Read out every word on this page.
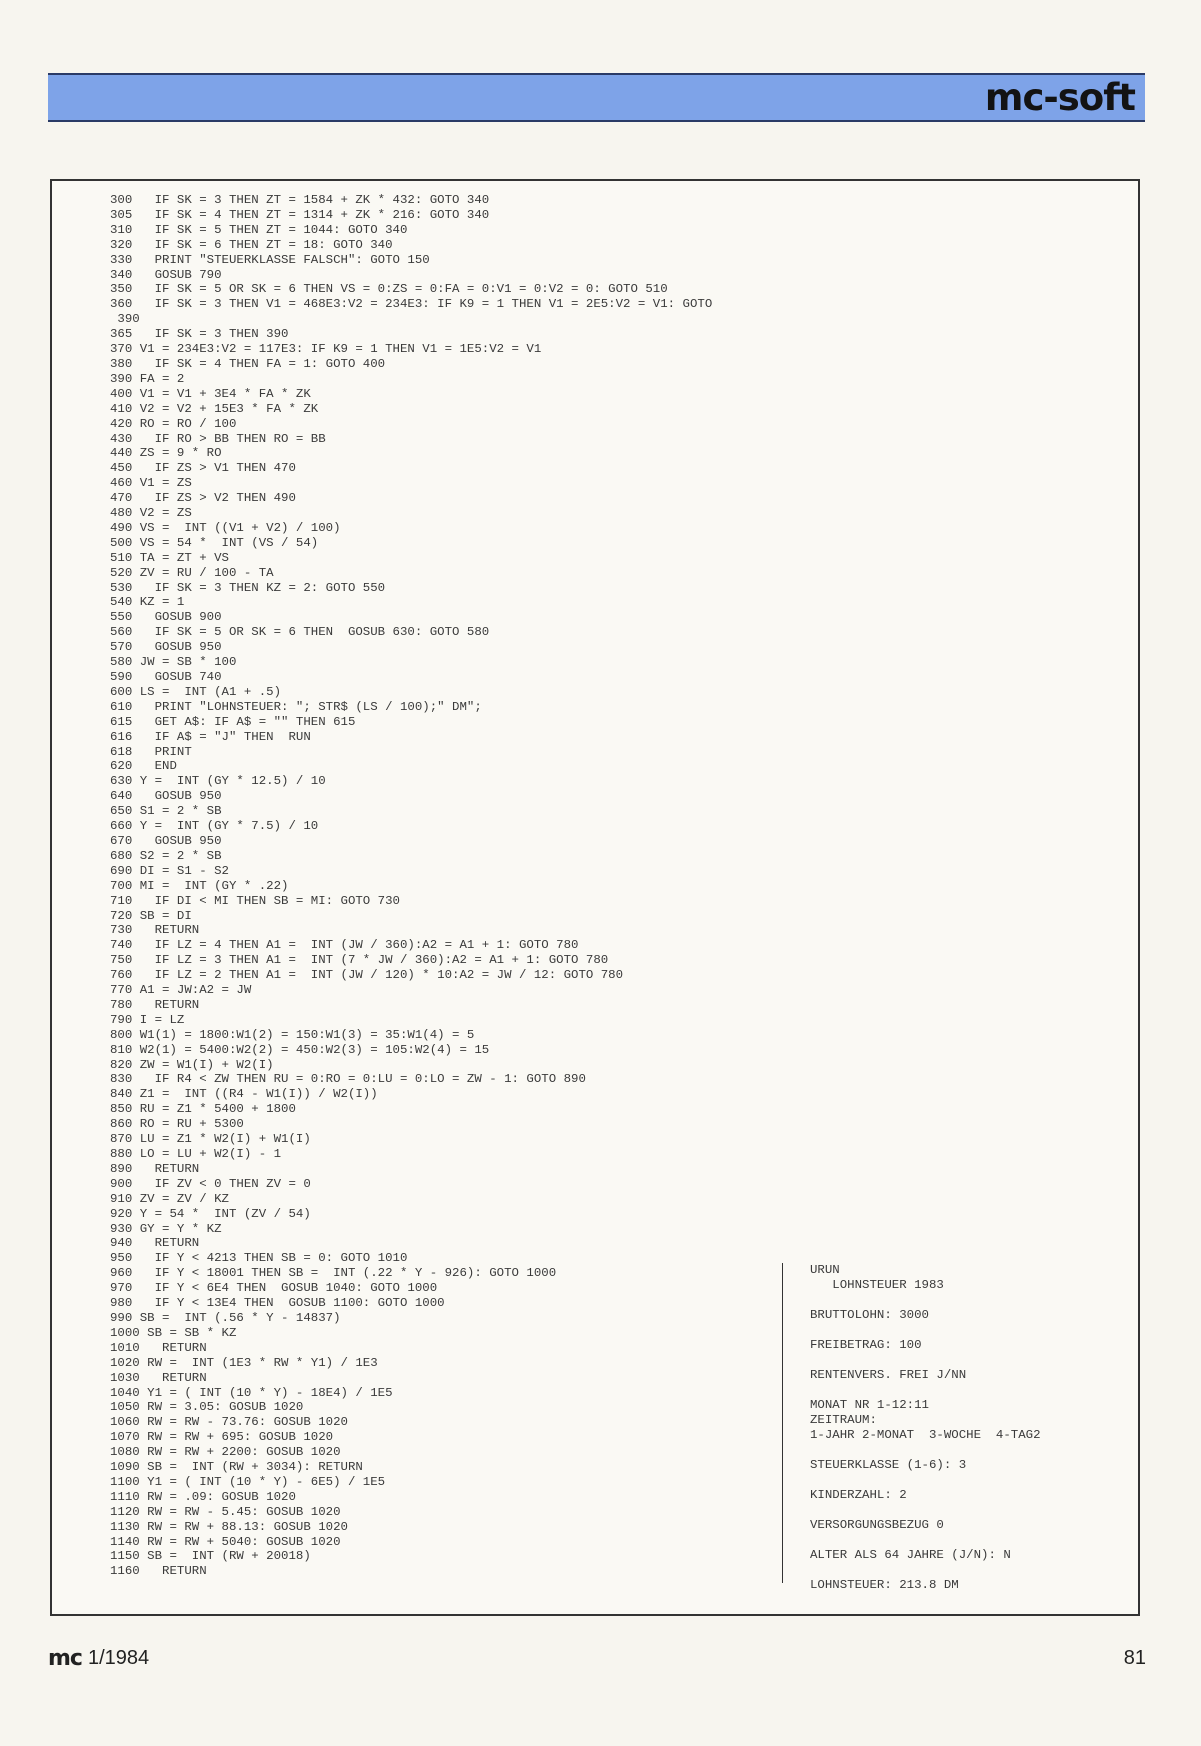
mc-soft
300   IF SK = 3 THEN ZT = 1584 + ZK * 432: GOTO 340
305   IF SK = 4 THEN ZT = 1314 + ZK * 216: GOTO 340
310   IF SK = 5 THEN ZT = 1044: GOTO 340
320   IF SK = 6 THEN ZT = 18: GOTO 340
330   PRINT "STEUERKLASSE FALSCH": GOTO 150
340   GOSUB 790
350   IF SK = 5 OR SK = 6 THEN VS = 0:ZS = 0:FA = 0:V1 = 0:V2 = 0: GOTO 510
360   IF SK = 3 THEN V1 = 468E3:V2 = 234E3: IF K9 = 1 THEN V1 = 2E5:V2 = V1: GOTO
390
365   IF SK = 3 THEN 390
370 V1 = 234E3:V2 = 117E3: IF K9 = 1 THEN V1 = 1E5:V2 = V1
380   IF SK = 4 THEN FA = 1: GOTO 400
390 FA = 2
400 V1 = V1 + 3E4 * FA * ZK
410 V2 = V2 + 15E3 * FA * ZK
420 RO = RO / 100
430   IF RO > BB THEN RO = BB
440 ZS = 9 * RO
450   IF ZS > V1 THEN 470
460 V1 = ZS
470   IF ZS > V2 THEN 490
480 V2 = ZS
490 VS =  INT ((V1 + V2) / 100)
500 VS = 54 *  INT (VS / 54)
510 TA = ZT + VS
520 ZV = RU / 100 - TA
530   IF SK = 3 THEN KZ = 2: GOTO 550
540 KZ = 1
550   GOSUB 900
560   IF SK = 5 OR SK = 6 THEN  GOSUB 630: GOTO 580
570   GOSUB 950
580 JW = SB * 100
590   GOSUB 740
600 LS =  INT (A1 + .5)
610   PRINT "LOHNSTEUER: "; STR$ (LS / 100);" DM";
615   GET A$: IF A$ = "" THEN 615
616   IF A$ = "J" THEN  RUN
618   PRINT
620   END
630 Y =  INT (GY * 12.5) / 10
640   GOSUB 950
650 S1 = 2 * SB
660 Y =  INT (GY * 7.5) / 10
670   GOSUB 950
680 S2 = 2 * SB
690 DI = S1 - S2
700 MI =  INT (GY * .22)
710   IF DI < MI THEN SB = MI: GOTO 730
720 SB = DI
730   RETURN
740   IF LZ = 4 THEN A1 =  INT (JW / 360):A2 = A1 + 1: GOTO 780
750   IF LZ = 3 THEN A1 =  INT (7 * JW / 360):A2 = A1 + 1: GOTO 780
760   IF LZ = 2 THEN A1 =  INT (JW / 120) * 10:A2 = JW / 12: GOTO 780
770 A1 = JW:A2 = JW
780   RETURN
790 I = LZ
800 W1(1) = 1800:W1(2) = 150:W1(3) = 35:W1(4) = 5
810 W2(1) = 5400:W2(2) = 450:W2(3) = 105:W2(4) = 15
820 ZW = W1(I) + W2(I)
830   IF R4 < ZW THEN RU = 0:RO = 0:LU = 0:LO = ZW - 1: GOTO 890
840 Z1 =  INT ((R4 - W1(I)) / W2(I))
850 RU = Z1 * 5400 + 1800
860 RO = RU + 5300
870 LU = Z1 * W2(I) + W1(I)
880 LO = LU + W2(I) - 1
890   RETURN
900   IF ZV < 0 THEN ZV = 0
910 ZV = ZV / KZ
920 Y = 54 *  INT (ZV / 54)
930 GY = Y * KZ
940   RETURN
950   IF Y < 4213 THEN SB = 0: GOTO 1010
960   IF Y < 18001 THEN SB =  INT (.22 * Y - 926): GOTO 1000
970   IF Y < 6E4 THEN  GOSUB 1040: GOTO 1000
980   IF Y < 13E4 THEN  GOSUB 1100: GOTO 1000
990 SB =  INT (.56 * Y - 14837)
1000 SB = SB * KZ
1010   RETURN
1020 RW =  INT (1E3 * RW * Y1) / 1E3
1030   RETURN
1040 Y1 = ( INT (10 * Y) - 18E4) / 1E5
1050 RW = 3.05: GOSUB 1020
1060 RW = RW - 73.76: GOSUB 1020
1070 RW = RW + 695: GOSUB 1020
1080 RW = RW + 2200: GOSUB 1020
1090 SB =  INT (RW + 3034): RETURN
1100 Y1 = ( INT (10 * Y) - 6E5) / 1E5
1110 RW = .09: GOSUB 1020
1120 RW = RW - 5.45: GOSUB 1020
1130 RW = RW + 88.13: GOSUB 1020
1140 RW = RW + 5040: GOSUB 1020
1150 SB =  INT (RW + 20018)
1160   RETURN
URUN
LOHNSTEUER 1983
BRUTTOLOHN: 3000
FREIBETRAG: 100
RENTENVERS. FREI J/NN
MONAT NR 1-12:11
ZEITRAUM:
1-JAHR 2-MONAT  3-WOCHE  4-TAG2
STEUERKLASSE (1-6): 3
KINDERZAHL: 2
VERSORGUNGSBEZUG 0
ALTER ALS 64 JAHRE (J/N): N
LOHNSTEUER: 213.8 DM
mc 1/1984	81
